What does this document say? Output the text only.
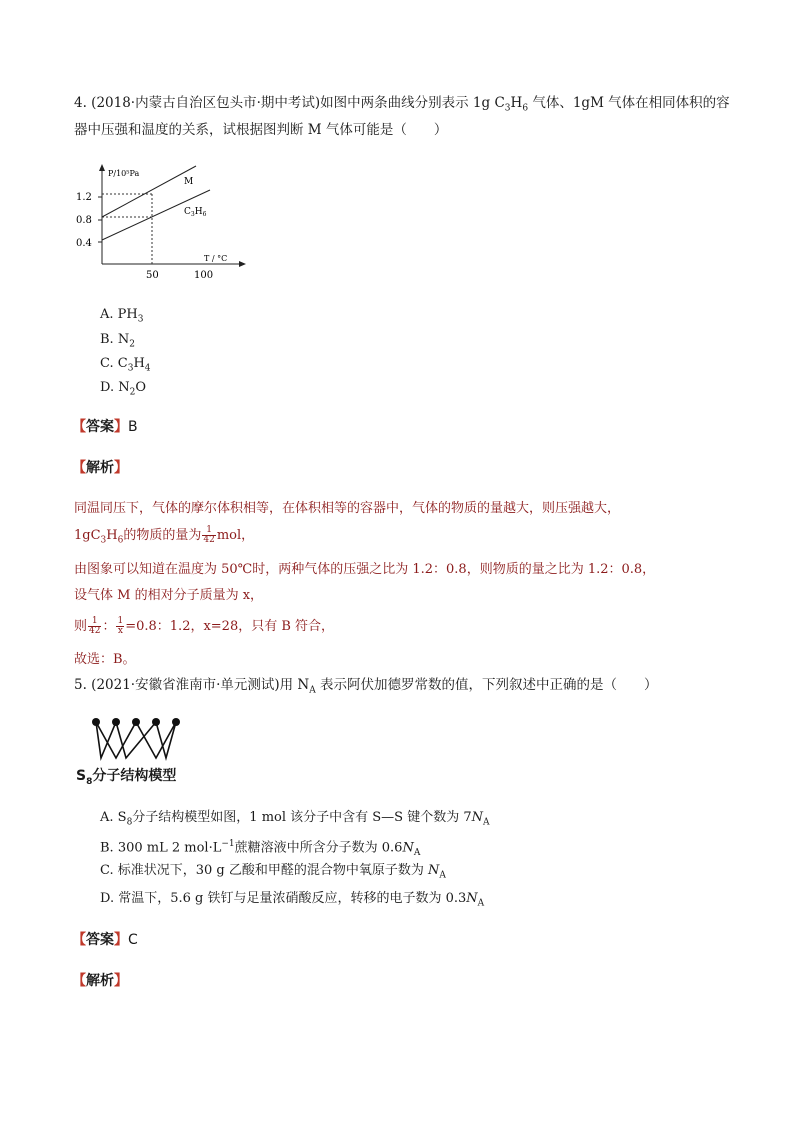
4. (2018·内蒙古自治区包头市·期中考试)如图中两条曲线分别表示 1g $C_3H_6$ 气体、1gM 气体在相同体积的容
器中压强和温度的关系，试根据图判断 M 气体可能是（　　）
P/10⁵Pa
T / °C
1.2
0.8
0.4
50	100
M
$C_3H_6$
A. $PH_3$
B. $N_2$
C. $C_3H_4$
D. $N_2O$
【答案】B
【解析】
同温同压下，气体的摩尔体积相等，在体积相等的容器中，气体的物质的量越大，则压强越大，
$1gC_3H_6$的物质的量为 $\frac{1}{42}$ mol，
由图象可以知道在温度为 50℃时，两种气体的压强之比为 1.2：0.8，则物质的量之比为 1.2：0.8，
设气体 M 的相对分子质量为 x，
则 $\frac{1}{42}$ ： $\frac{1}{x} =0.8$：1.2，x=28，只有 B 符合，
故选：B。
5. (2021·安徽省淮南市·单元测试)用 $N_A$ 表示阿伏加德罗常数的值，下列叙述中正确的是（　　）
$S_8$分子结构模型
A. $S_8$分子结构模型如图，1 mol 该分子中含有 S—S 键个数为 $7N_A$
B. 300 mL 2 $mol\cdot L^{-1}$蔗糖溶液中所含分子数为 $0.6N_A$
C. 标准状况下，30 g 乙酸和甲醛的混合物中氧原子数为 $N_A$
D. 常温下，5.6 g 铁钉与足量浓硝酸反应，转移的电子数为 $0.3N_A$
【答案】C
【解析】
